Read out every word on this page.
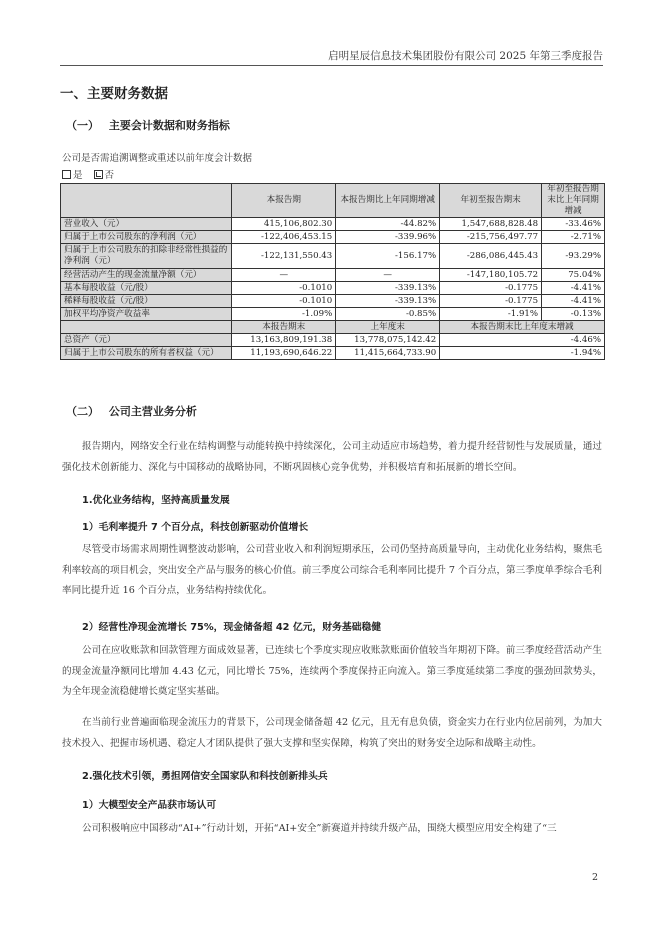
启明星辰信息技术集团股份有限公司 2025 年第三季度报告
一、主要财务数据
（一） 主要会计数据和财务指标
公司是否需追溯调整或重述以前年度会计数据
是 否
	本报告期	本报告期比上年同期增减	年初至报告期末	年初至报告期末比上年同期增减
营业收入（元）	415,106,802.30	-44.82%	1,547,688,828.48	-33.46%
归属于上市公司股东的净利润（元）	-122,406,453.15	-339.96%	-215,756,497.77	-2.71%
归属于上市公司股东的扣除非经常性损益的净利润（元）	-122,131,550.43	-156.17%	-286,086,445.43	-93.29%
经营活动产生的现金流量净额（元）	—	—	-147,180,105.72	75.04%
基本每股收益（元/股）	-0.1010	-339.13%	-0.1775	-4.41%
稀释每股收益（元/股）	-0.1010	-339.13%	-0.1775	-4.41%
加权平均净资产收益率	-1.09%	-0.85%	-1.91%	-0.13%
	本报告期末	上年度末	本报告期末比上年度末增减	
总资产（元）	13,163,809,191.38	13,778,075,142.42	-4.46%	
归属于上市公司股东的所有者权益（元）	11,193,690,646.22	11,415,664,733.90	-1.94%	
（二） 公司主营业务分析
报告期内，网络安全行业在结构调整与动能转换中持续深化，公司主动适应市场趋势，着力提升经营韧性与发展质量，通过强化技术创新能力、深化与中国移动的战略协同，不断巩固核心竞争优势，并积极培育和拓展新的增长空间。
1.优化业务结构，坚持高质量发展
1）毛利率提升 7 个百分点，科技创新驱动价值增长
尽管受市场需求周期性调整波动影响，公司营业收入和利润短期承压，公司仍坚持高质量导向，主动优化业务结构，聚焦毛利率较高的项目机会，突出安全产品与服务的核心价值。前三季度公司综合毛利率同比提升 7 个百分点，第三季度单季综合毛利率同比提升近 16 个百分点，业务结构持续优化。
2）经营性净现金流增长 75%，现金储备超 42 亿元，财务基础稳健
公司在应收账款和回款管理方面成效显著，已连续七个季度实现应收账款账面价值较当年期初下降。前三季度经营活动产生的现金流量净额同比增加 4.43 亿元，同比增长 75%，连续两个季度保持正向流入。第三季度延续第二季度的强劲回款势头，为全年现金流稳健增长奠定坚实基础。
在当前行业普遍面临现金流压力的背景下，公司现金储备超 42 亿元，且无有息负债，资金实力在行业内位居前列，为加大技术投入、把握市场机遇、稳定人才团队提供了强大支撑和坚实保障，构筑了突出的财务安全边际和战略主动性。
2.强化技术引领，勇担网信安全国家队和科技创新排头兵
1）大模型安全产品获市场认可
公司积极响应中国移动“AI+”行动计划，开拓“AI+安全”新赛道并持续升级产品，围绕大模型应用安全构建了“三
2
